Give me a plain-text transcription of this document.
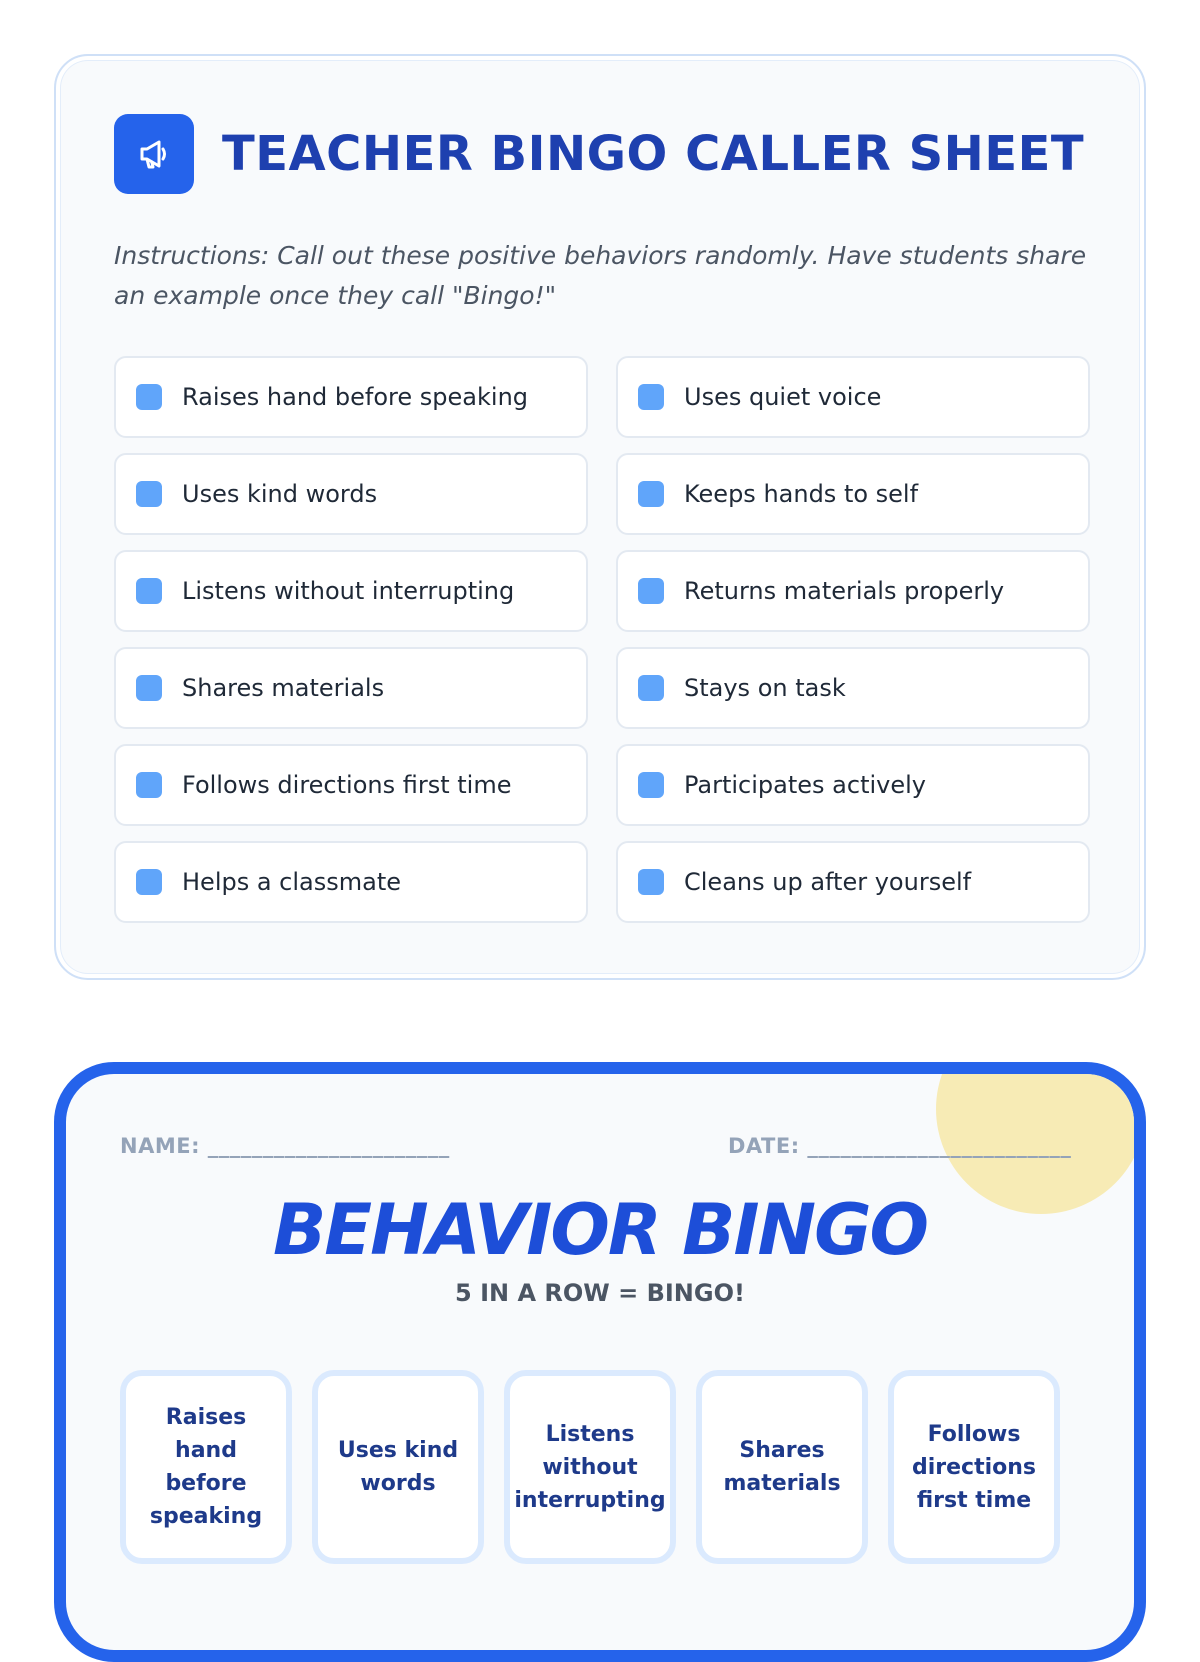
TEACHER BINGO CALLER SHEET

Instructions: Call out these positive behaviors randomly. Have students share an example once they call "Bingo!"

Raises hand before speaking	Uses quiet voice
Uses kind words	Keeps hands to self
Listens without interrupting	Returns materials properly
Shares materials	Stays on task
Follows directions first time	Participates actively
Helps a classmate	Cleans up after yourself
NAME: ______________________	DATE: ________________________
BEHAVIOR BINGO
5 IN A ROW = BINGO!
Raises hand before speaking
Uses kind words
Listens without interrupting
Shares materials
Follows directions first time
